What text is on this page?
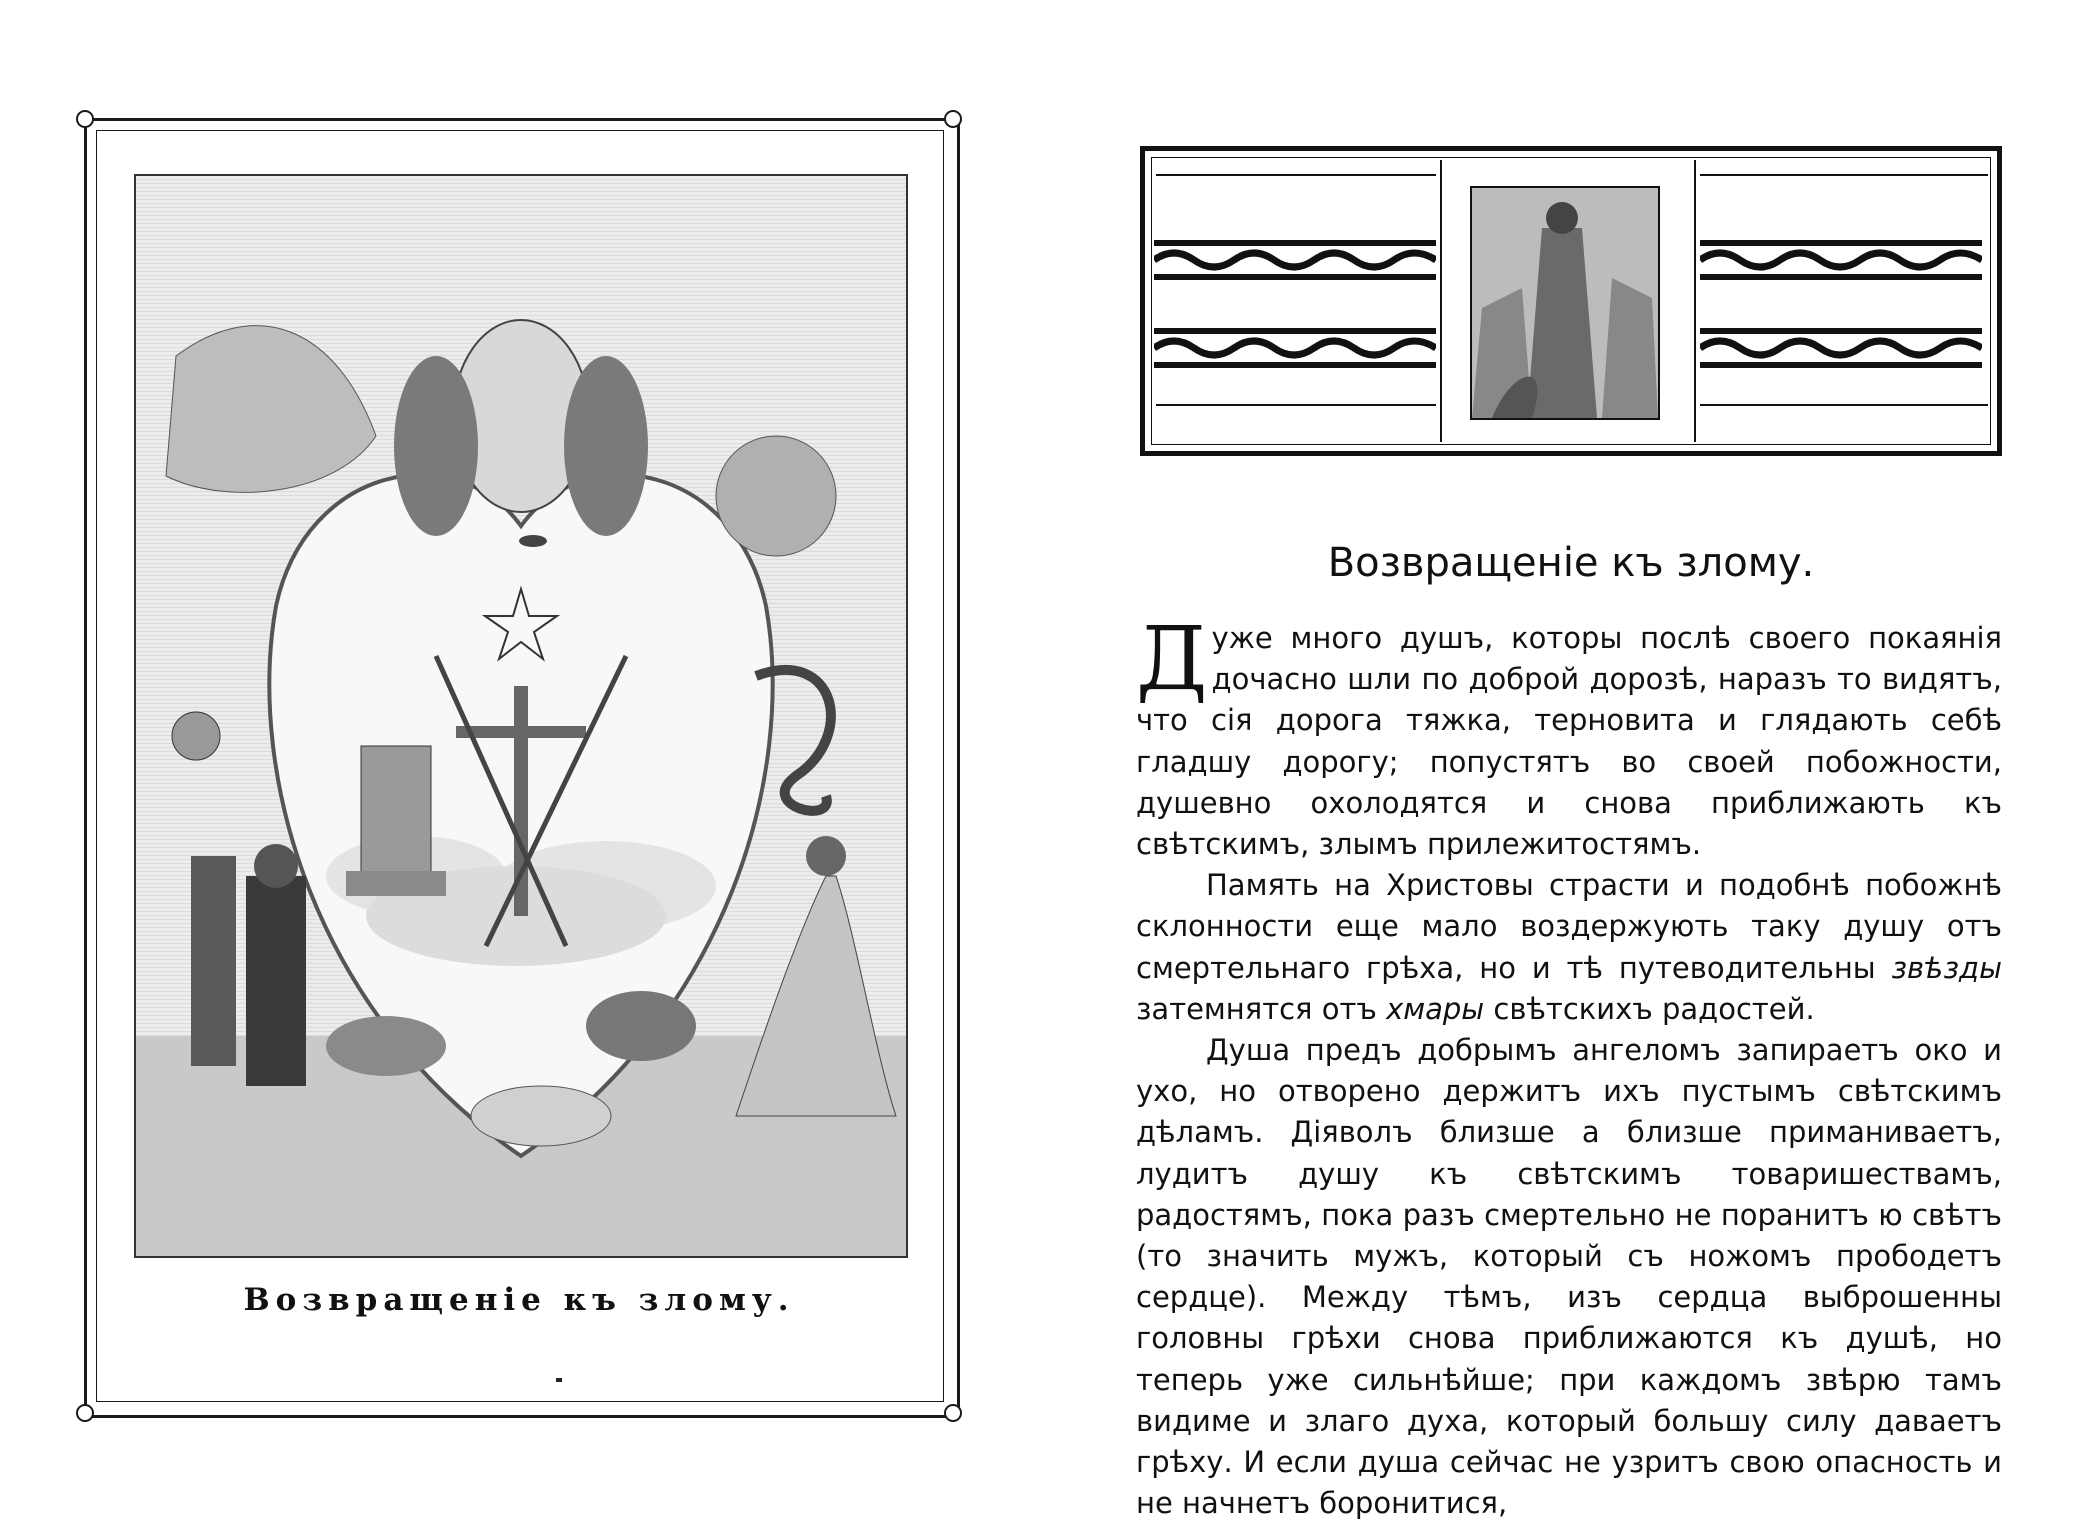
Возвращеніе къ злому.
Возвращеніе къ злому.

Дуже много душъ, которы послѣ своего покаянія дочасно шли по доброй дорозѣ, наразъ то видятъ, что сія дорога тяжка, терновита и глядають себѣ гладшу дорогу; попустятъ во своей побожности, душевно охолодятся и снова приближають къ свѣтскимъ, злымъ прилежитостямъ.

Память на Христовы страсти и подобнѣ побожнѣ склонности еще мало воздержують таку душу отъ смертельнаго грѣха, но и тѣ путеводительны звѣзды затемнятся отъ хмары свѣтскихъ радостей.

Душа предъ добрымъ ангеломъ запираетъ око и ухо, но отворено держитъ ихъ пустымъ свѣтскимъ дѣламъ. Діяволъ близше а близше приманиваетъ, лудитъ душу къ свѣтскимъ товаришествамъ, радостямъ, пока разъ смертельно не поранитъ ю свѣтъ (то значить мужъ, который съ ножомъ прободетъ сердце). Между тѣмъ, изъ сердца выброшенны головны грѣхи снова приближаются къ душѣ, но теперь уже сильнѣйше; при каждомъ звѣрю тамъ видиме и злаго духа, который большу силу даваетъ грѣху. И если душа сейчас не узритъ свою опасность и не начнетъ боронитися,
